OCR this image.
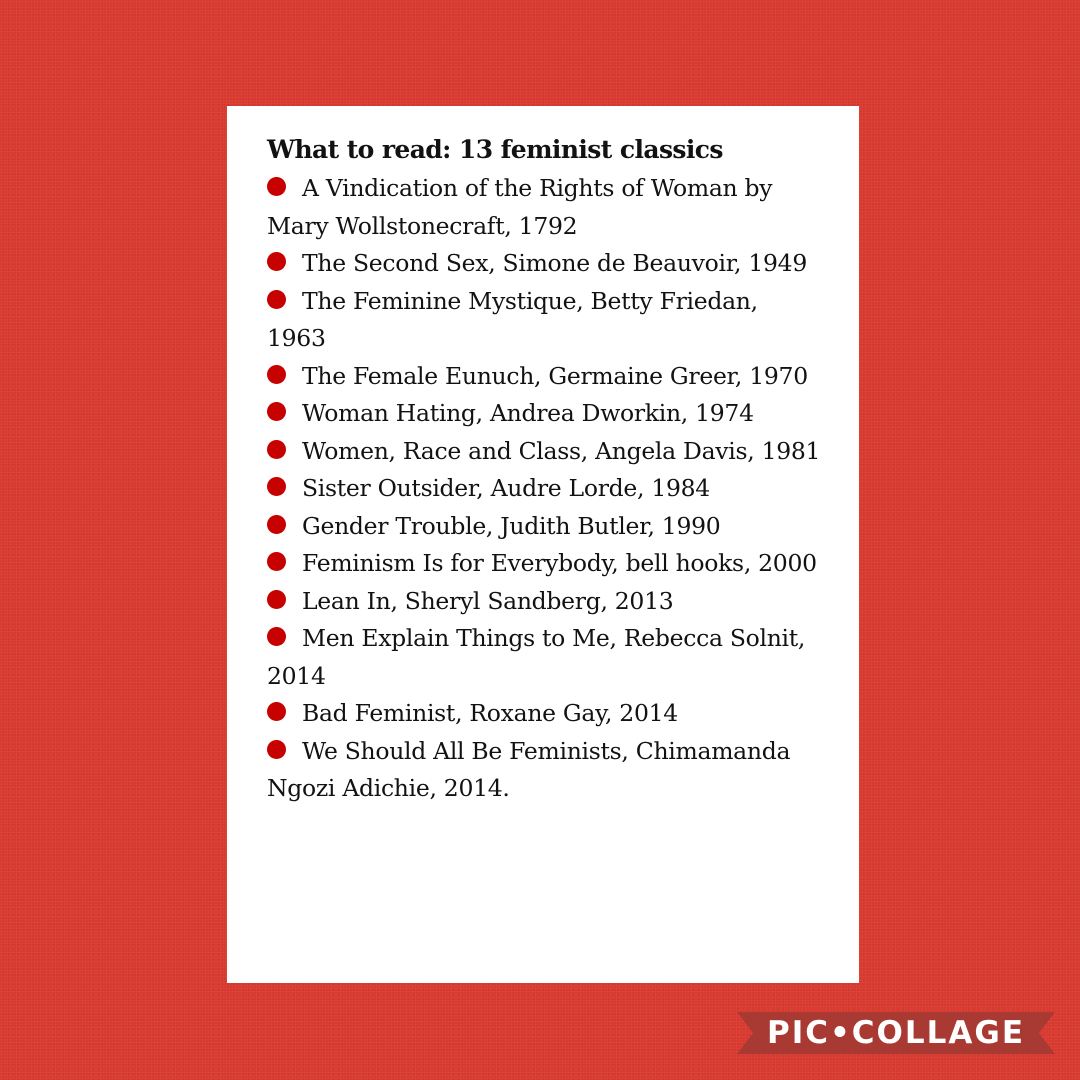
What to read: 13 feminist classics
A Vindication of the Rights of Woman by Mary Wollstonecraft, 1792
The Second Sex, Simone de Beauvoir, 1949
The Feminine Mystique, Betty Friedan, 1963
The Female Eunuch, Germaine Greer, 1970
Woman Hating, Andrea Dworkin, 1974
Women, Race and Class, Angela Davis, 1981
Sister Outsider, Audre Lorde, 1984
Gender Trouble, Judith Butler, 1990
Feminism Is for Everybody, bell hooks, 2000
Lean In, Sheryl Sandberg, 2013
Men Explain Things to Me, Rebecca Solnit, 2014
Bad Feminist, Roxane Gay, 2014
We Should All Be Feminists, Chimamanda Ngozi Adichie, 2014.
PIC•COLLAGE
